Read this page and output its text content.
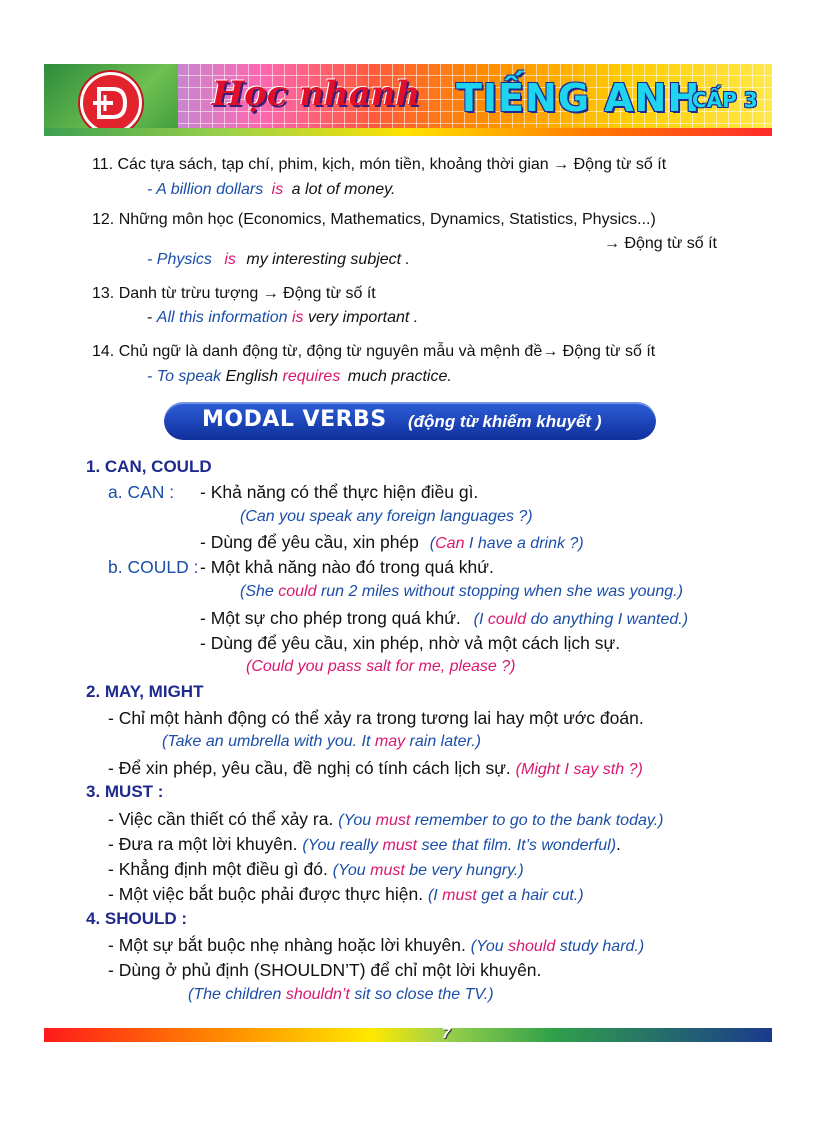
Học nhanh TIẾNG ANH
CẤP 3
11. Các tựa sách, tạp chí, phim, kịch, món tiền, khoảng thời gian → Động từ số ít
- A billion dollars is a lot of money.
12. Những môn học (Economics, Mathematics, Dynamics, Statistics, Physics...)
→ Động từ số ít
- Physics is my interesting subject .
13. Danh từ trừu tượng → Động từ số ít
- All this information is very important .
14. Chủ ngữ là danh động từ, động từ nguyên mẫu và mệnh đề→ Động từ số ít
- To speak English requires much practice.
MODAL VERBS (động từ khiếm khuyết )
1. CAN, COULD
a. CAN : - Khả năng có thể thực hiện điều gì.
(Can you speak any foreign languages ?)
- Dùng để yêu cầu, xin phép (Can I have a drink ?)
b. COULD : - Một khả năng nào đó trong quá khứ.
(She could run 2 miles without stopping when she was young.)
- Một sự cho phép trong quá khứ. (I could do anything I wanted.)
- Dùng để yêu cầu, xin phép, nhờ vả một cách lịch sự.
(Could you pass salt for me, please ?)
2. MAY, MIGHT
- Chỉ một hành động có thể xảy ra trong tương lai hay một ước đoán.
(Take an umbrella with you. It may rain later.)
- Để xin phép, yêu cầu, đề nghị có tính cách lịch sự. (Might I say sth ?)
3. MUST :
- Việc cần thiết có thể xảy ra. (You must remember to go to the bank today.)
- Đưa ra một lời khuyên. (You really must see that film. It’s wonderful).
- Khẳng định một điều gì đó. (You must be very hungry.)
- Một việc bắt buộc phải được thực hiện. (I must get a hair cut.)
4. SHOULD :
- Một sự bắt buộc nhẹ nhàng hoặc lời khuyên. (You should study hard.)
- Dùng ở phủ định (SHOULDN’T) để chỉ một lời khuyên.
(The children shouldn’t sit so close the TV.)
7
